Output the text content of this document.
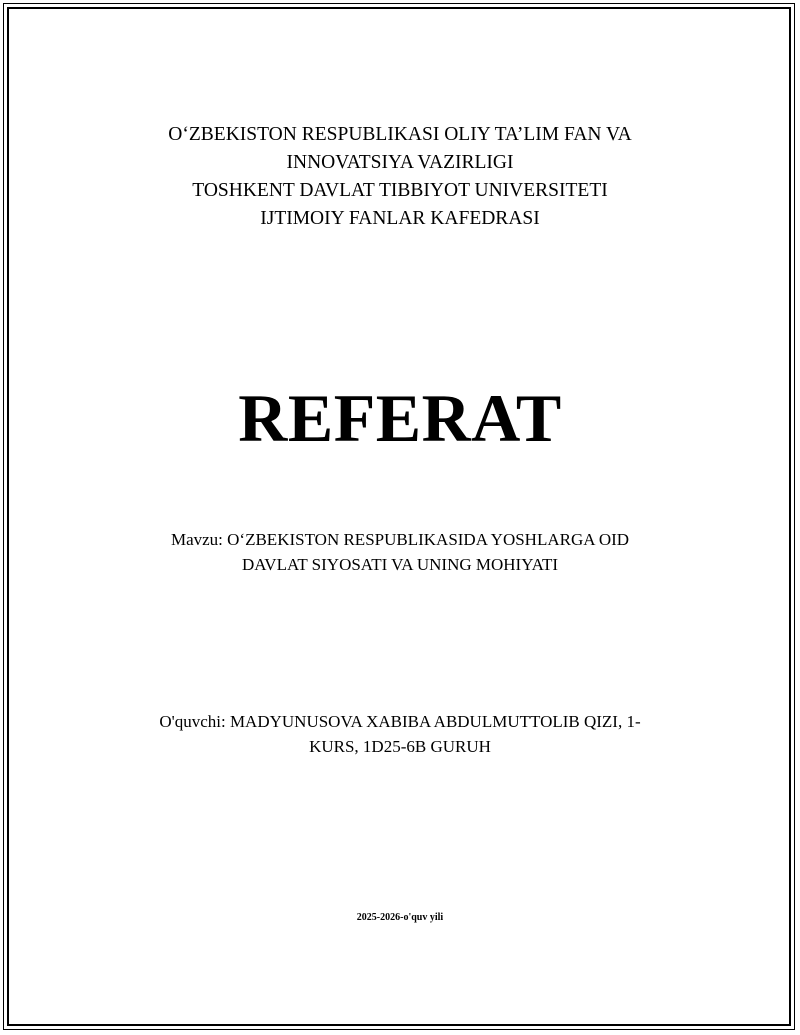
O‘ZBEKISTON RESPUBLIKASI OLIY TA’LIM FAN VA
INNOVATSIYA VAZIRLIGI
TOSHKENT DAVLAT TIBBIYOT UNIVERSITETI
IJTIMOIY FANLAR KAFEDRASI
REFERAT
Mavzu: O‘ZBEKISTON RESPUBLIKASIDA YOSHLARGA OID
DAVLAT SIYOSATI VA UNING MOHIYATI
O'quvchi: MADYUNUSOVA XABIBA ABDULMUTTOLIB QIZI, 1-
KURS, 1D25-6B GURUH
2025-2026-o'quv yili
